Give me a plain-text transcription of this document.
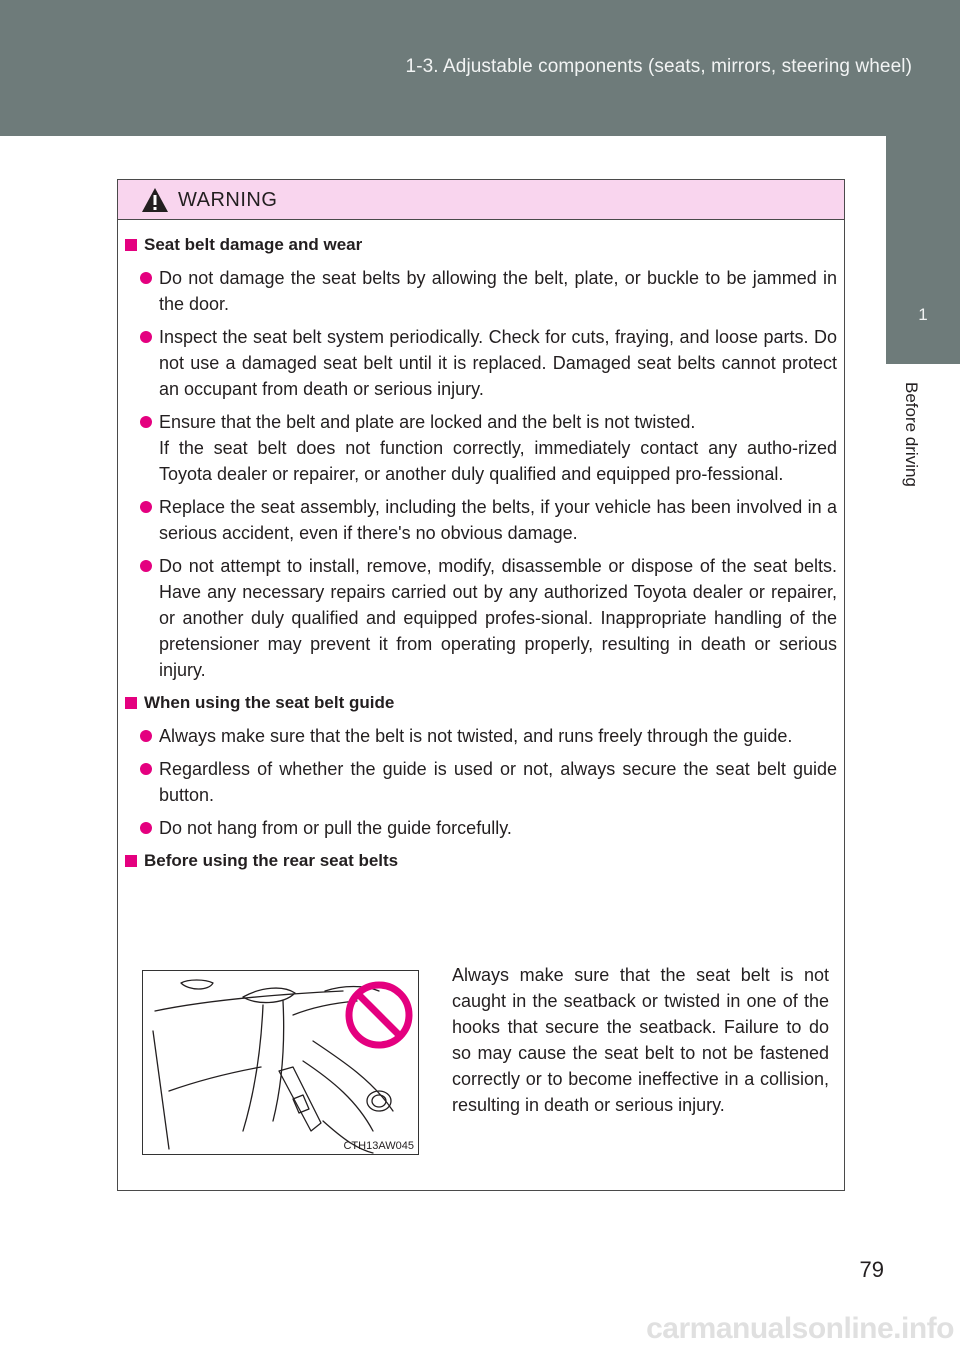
1-3. Adjustable components (seats, mirrors, steering wheel)
1
Before driving
WARNING
Seat belt damage and wear
Do not damage the seat belts by allowing the belt, plate, or buckle to be jammed in the door.
Inspect the seat belt system periodically. Check for cuts, fraying, and loose parts. Do not use a damaged seat belt until it is replaced. Damaged seat belts cannot protect an occupant from death or serious injury.
Ensure that the belt and plate are locked and the belt is not twisted.
If the seat belt does not function correctly, immediately contact any autho-rized Toyota dealer or repairer, or another duly qualified and equipped pro-fessional.
Replace the seat assembly, including the belts, if your vehicle has been involved in a serious accident, even if there's no obvious damage.
Do not attempt to install, remove, modify, disassemble or dispose of the seat belts. Have any necessary repairs carried out by any authorized Toyota dealer or repairer, or another duly qualified and equipped profes-sional. Inappropriate handling of the pretensioner may prevent it from operating properly, resulting in death or serious injury.
When using the seat belt guide
Always make sure that the belt is not twisted, and runs freely through the guide.
Regardless of whether the guide is used or not, always secure the seat belt guide button.
Do not hang from or pull the guide forcefully.
Before using the rear seat belts
CTH13AW045
Always make sure that the seat belt is not caught in the seatback or twisted in one of the hooks that secure the seatback. Failure to do so may cause the seat belt to not be fastened correctly or to become ineffective in a collision, resulting in death or serious injury.
79
carmanualsonline.info
